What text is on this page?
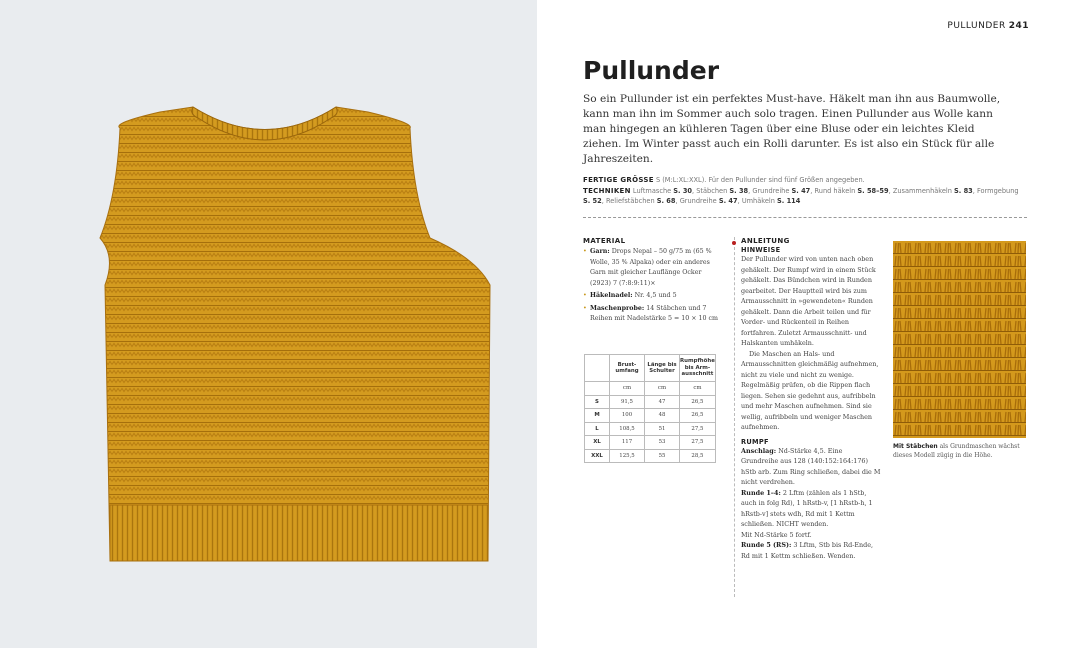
PULLUNDER 241
Pullunder
So ein Pullunder ist ein perfektes Must-have. Häkelt man ihn aus Baumwolle, kann man ihn im Sommer auch solo tragen. Einen Pullunder aus Wolle kann man hingegen an kühleren Tagen über eine Bluse oder ein leichtes Kleid ziehen. Im Winter passt auch ein Rolli darunter. Es ist also ein Stück für alle Jahreszeiten.
FERTIGE GRÖSSE S (M:L:XL:XXL). Für den Pullunder sind fünf Größen angegeben.
TECHNIKEN Luftmasche S. 30, Stäbchen S. 38, Grundreihe S. 47, Rund häkeln S. 58–59, Zusammenhäkeln S. 83, Formgebung S. 52, Reliefstäbchen S. 68, Grundreihe S. 47, Umhäkeln S. 114
MATERIAL
• Garn: Drops Nepal – 50 g/75 m (65 % Wolle, 35 % Alpaka) oder ein anderes Garn mit gleicher Lauflänge Ocker (2923) 7 (7:8:9:11)×
• Häkelnadel: Nr. 4,5 und 5
• Maschenprobe: 14 Stäbchen und 7 Reihen mit Nadelstärke 5 = 10 × 10 cm
	Brust-umfang	Länge bis Schulter	Rumpfhöhe bis Arm-ausschnitt
	cm	cm	cm
S	91,5	47	26,5
M	100	48	26,5
L	108,5	51	27,5
XL	117	53	27,5
XXL	125,5	55	28,5
ANLEITUNG
HINWEISE
Der Pullunder wird von unten nach oben gehäkelt. Der Rumpf wird in einem Stück gehäkelt. Das Bündchen wird in Runden gearbeitet. Der Hauptteil wird bis zum Armausschnitt in »gewendeten« Runden gehäkelt. Dann die Arbeit teilen und für Vorder- und Rückenteil in Reihen fortfahren. Zuletzt Armausschnitt- und Halskanten umhäkeln.
Die Maschen an Hals- und Armausschnitten gleichmäßig aufnehmen, nicht zu viele und nicht zu wenige. Regelmäßig prüfen, ob die Rippen flach liegen. Sehen sie gedehnt aus, aufribbeln und mehr Maschen aufnehmen. Sind sie wellig, aufribbeln und weniger Maschen aufnehmen.
RUMPF
Anschlag: Nd-Stärke 4,5. Eine Grundreihe aus 128 (140:152:164:176) hStb arb. Zum Ring schließen, dabei die M nicht verdrehen.
Runde 1–4: 2 Lftm (zählen als 1 hStb, auch in folg Rd), 1 hRstb-v, [1 hRstb-h, 1 hRstb-v] stets wdh, Rd mit 1 Kettm schließen. NICHT wenden.
Mit Nd-Stärke 5 fortf.
Runde 5 (RS): 3 Lftm, Stb bis Rd-Ende, Rd mit 1 Kettm schließen. Wenden.
Mit Stäbchen als Grundmaschen wächst dieses Modell zügig in die Höhe.
